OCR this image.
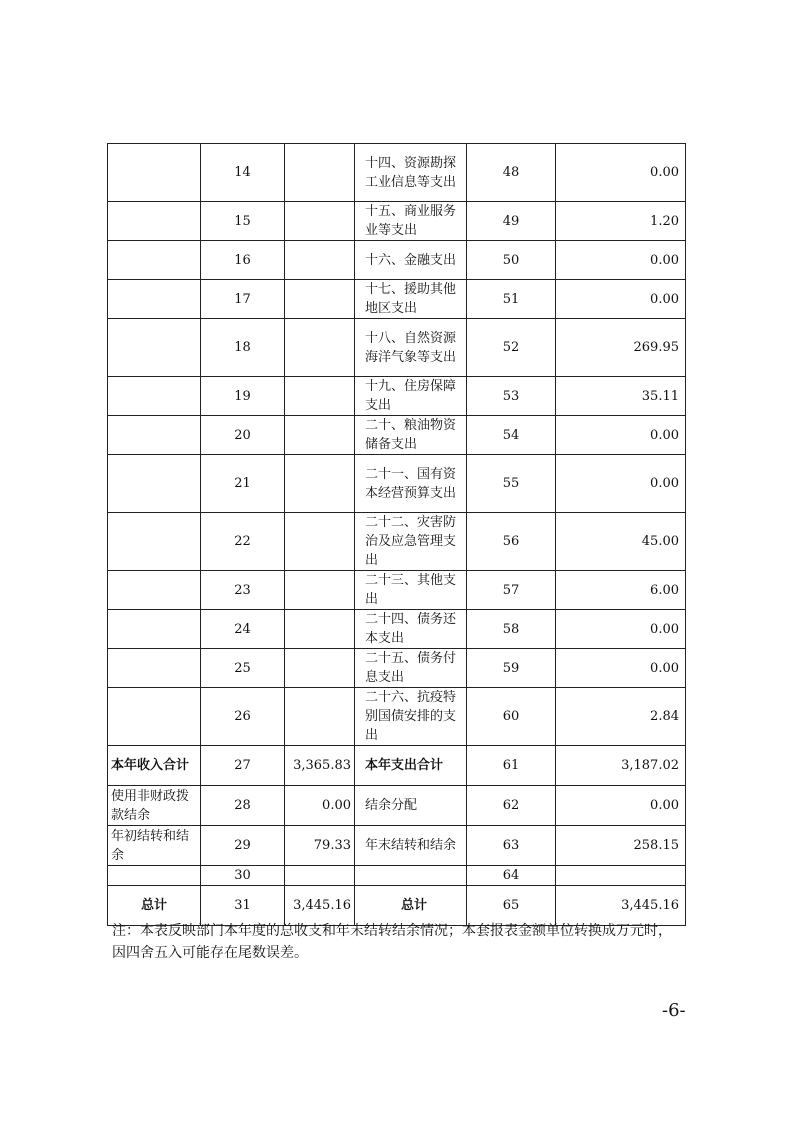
	14		十四、资源勘探工业信息等支出	48	0.00
	15		十五、商业服务业等支出	49	1.20
	16		十六、金融支出	50	0.00
	17		十七、援助其他地区支出	51	0.00
	18		十八、自然资源海洋气象等支出	52	269.95
	19		十九、住房保障支出	53	35.11
	20		二十、粮油物资储备支出	54	0.00
	21		二十一、国有资本经营预算支出	55	0.00
	22		二十二、灾害防治及应急管理支出	56	45.00
	23		二十三、其他支出	57	6.00
	24		二十四、债务还本支出	58	0.00
	25		二十五、债务付息支出	59	0.00
	26		二十六、抗疫特别国债安排的支出	60	2.84
本年收入合计	27	3,365.83	本年支出合计	61	3,187.02
使用非财政拨款结余	28	0.00	结余分配	62	0.00
年初结转和结余	29	79.33	年末结转和结余	63	258.15
	30			64	
总计	31	3,445.16	总计	65	3,445.16
注：本表反映部门本年度的总收支和年末结转结余情况；本套报表金额单位转换成万元时，因四舍五入可能存在尾数误差。
-6-
